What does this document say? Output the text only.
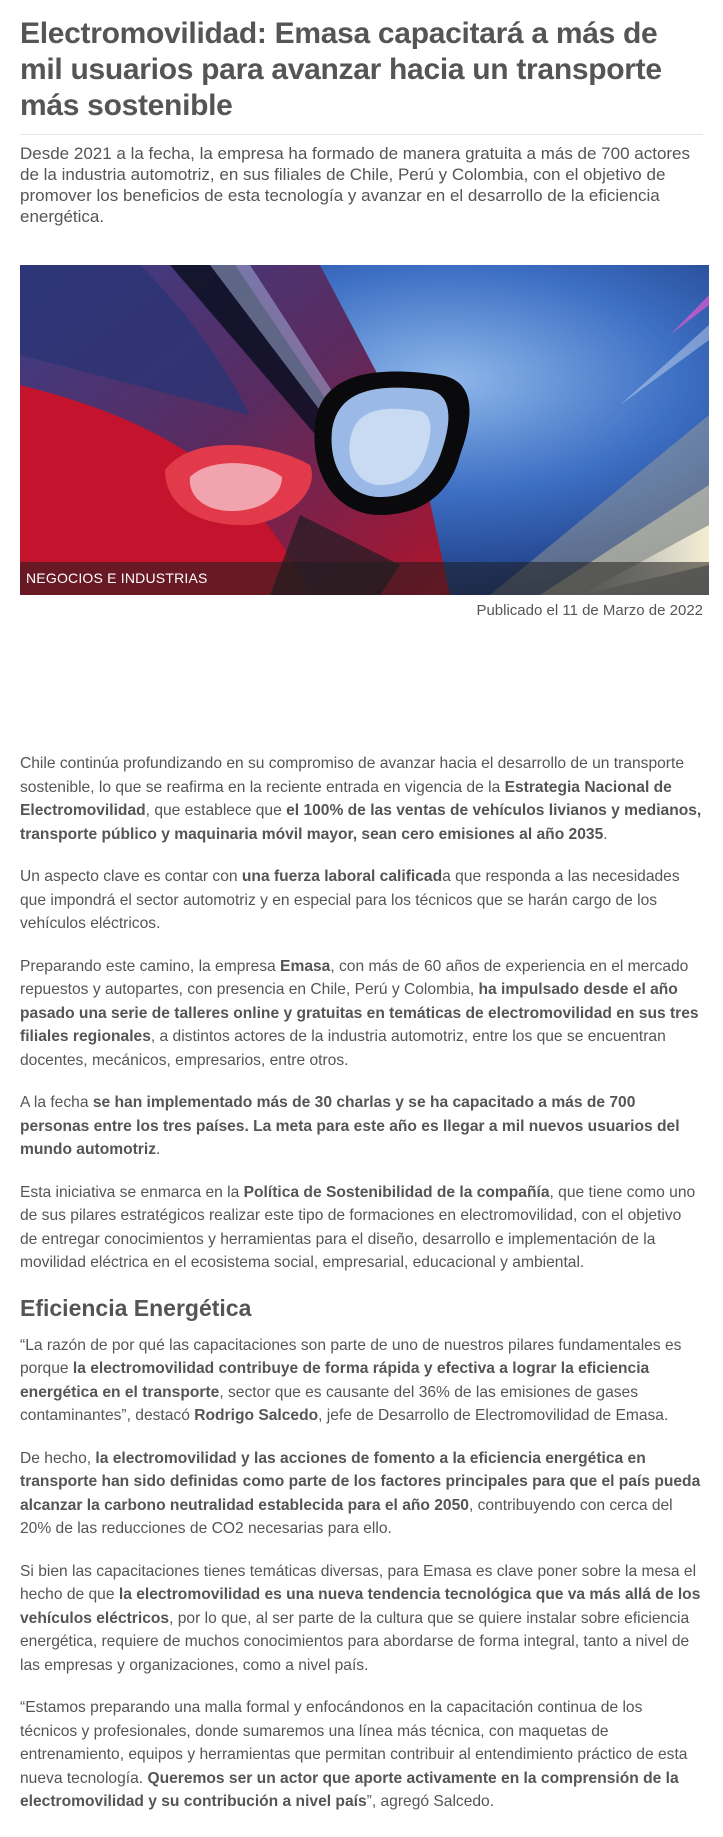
Electromovilidad: Emasa capacitará a más de mil usuarios para avanzar hacia un transporte más sostenible

Desde 2021 a la fecha, la empresa ha formado de manera gratuita a más de 700 actores de la industria automotriz, en sus filiales de Chile, Perú y Colombia, con el objetivo de promover los beneficios de esta tecnología y avanzar en el desarrollo de la eficiencia energética.

NEGOCIOS E INDUSTRIAS
Publicado el 11 de Marzo de 2022

Chile continúa profundizando en su compromiso de avanzar hacia el desarrollo de un transporte sostenible, lo que se reafirma en la reciente entrada en vigencia de la Estrategia Nacional de Electromovilidad, que establece que el 100% de las ventas de vehículos livianos y medianos, transporte público y maquinaria móvil mayor, sean cero emisiones al año 2035.

Un aspecto clave es contar con una fuerza laboral calificada que responda a las necesidades que impondrá el sector automotriz y en especial para los técnicos que se harán cargo de los vehículos eléctricos.

Preparando este camino, la empresa Emasa, con más de 60 años de experiencia en el mercado repuestos y autopartes, con presencia en Chile, Perú y Colombia, ha impulsado desde el año pasado una serie de talleres online y gratuitas en temáticas de electromovilidad en sus tres filiales regionales, a distintos actores de la industria automotriz, entre los que se encuentran docentes, mecánicos, empresarios, entre otros.

A la fecha se han implementado más de 30 charlas y se ha capacitado a más de 700 personas entre los tres países. La meta para este año es llegar a mil nuevos usuarios del mundo automotriz.

Esta iniciativa se enmarca en la Política de Sostenibilidad de la compañía, que tiene como uno de sus pilares estratégicos realizar este tipo de formaciones en electromovilidad, con el objetivo de entregar conocimientos y herramientas para el diseño, desarrollo e implementación de la movilidad eléctrica en el ecosistema social, empresarial, educacional y ambiental.

Eficiencia Energética

“La razón de por qué las capacitaciones son parte de uno de nuestros pilares fundamentales es porque la electromovilidad contribuye de forma rápida y efectiva a lograr la eficiencia energética en el transporte, sector que es causante del 36% de las emisiones de gases contaminantes”, destacó Rodrigo Salcedo, jefe de Desarrollo de Electromovilidad de Emasa.

De hecho, la electromovilidad y las acciones de fomento a la eficiencia energética en transporte han sido definidas como parte de los factores principales para que el país pueda alcanzar la carbono neutralidad establecida para el año 2050, contribuyendo con cerca del 20% de las reducciones de CO2 necesarias para ello.

Si bien las capacitaciones tienes temáticas diversas, para Emasa es clave poner sobre la mesa el hecho de que la electromovilidad es una nueva tendencia tecnológica que va más allá de los vehículos eléctricos, por lo que, al ser parte de la cultura que se quiere instalar sobre eficiencia energética, requiere de muchos conocimientos para abordarse de forma integral, tanto a nivel de las empresas y organizaciones, como a nivel país.

“Estamos preparando una malla formal y enfocándonos en la capacitación continua de los técnicos y profesionales, donde sumaremos una línea más técnica, con maquetas de entrenamiento, equipos y herramientas que permitan contribuir al entendimiento práctico de esta nueva tecnología. Queremos ser un actor que aporte activamente en la comprensión de la electromovilidad y su contribución a nivel país”, agregó Salcedo.
